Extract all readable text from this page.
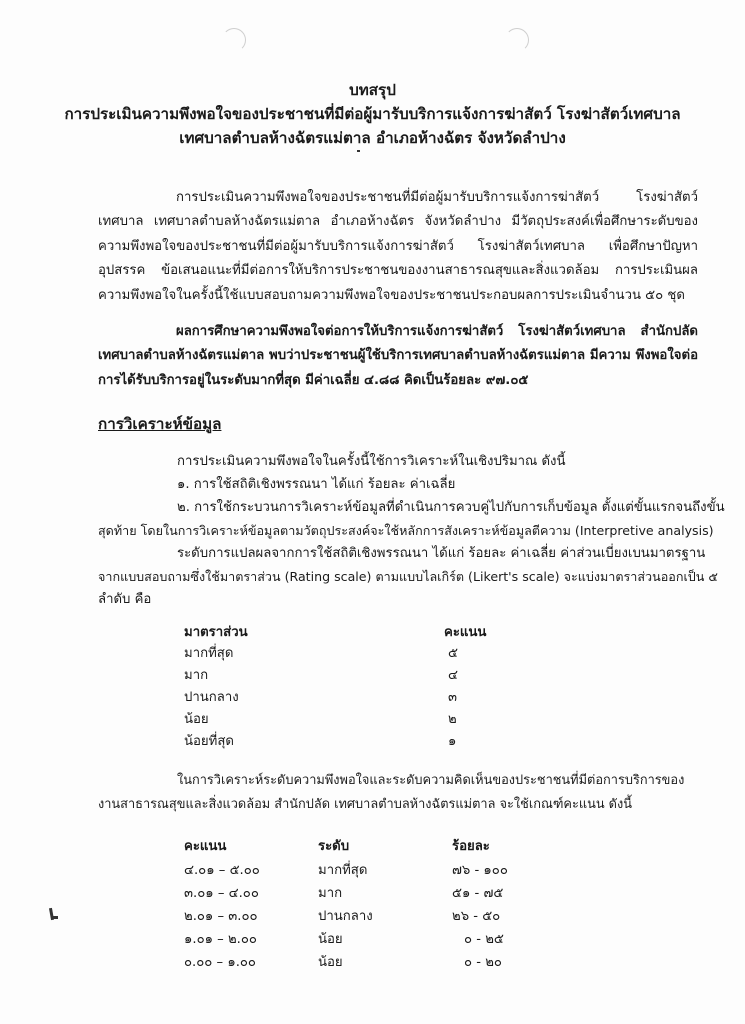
บทสรุป
การประเมินความพึงพอใจของประชาชนที่มีต่อผู้มารับบริการแจ้งการฆ่าสัตว์ โรงฆ่าสัตว์เทศบาล
เทศบาลตำบลห้างฉัตรแม่ตาล อำเภอห้างฉัตร จังหวัดลำปาง
การประเมินความพึงพอใจของประชาชนที่มีต่อผู้มารับบริการแจ้งการฆ่าสัตว์ โรงฆ่าสัตว์เทศบาล เทศบาลตำบลห้างฉัตรแม่ตาล อำเภอห้างฉัตร จังหวัดลำปาง มีวัตถุประสงค์เพื่อศึกษาระดับของความพึงพอใจของประชาชนที่มีต่อผู้มารับบริการแจ้งการฆ่าสัตว์ โรงฆ่าสัตว์เทศบาล เพื่อศึกษาปัญหา อุปสรรค ข้อเสนอแนะที่มีต่อการให้บริการประชาชนของงานสาธารณสุขและสิ่งแวดล้อม การประเมินผลความพึงพอใจในครั้งนี้ใช้แบบสอบถามความพึงพอใจของประชาชนประกอบผลการประเมินจำนวน ๕๐ ชุด
ผลการศึกษาความพึงพอใจต่อการให้บริการแจ้งการฆ่าสัตว์ โรงฆ่าสัตว์เทศบาล สำนักปลัดเทศบาลตำบลห้างฉัตรแม่ตาล พบว่าประชาชนผู้ใช้บริการเทศบาลตำบลห้างฉัตรแม่ตาล มีความ พึงพอใจต่อการได้รับบริการอยู่ในระดับมากที่สุด มีค่าเฉลี่ย ๔.๘๘ คิดเป็นร้อยละ ๙๗.๐๕
การวิเคราะห์ข้อมูล
การประเมินความพึงพอใจในครั้งนี้ใช้การวิเคราะห์ในเชิงปริมาณ ดังนี้
๑. การใช้สถิติเชิงพรรณนา ได้แก่ ร้อยละ ค่าเฉลี่ย
๒. การใช้กระบวนการวิเคราะห์ข้อมูลที่ดำเนินการควบคู่ไปกับการเก็บข้อมูล ตั้งแต่ขั้นแรกจนถึงขั้น
สุดท้าย โดยในการวิเคราะห์ข้อมูลตามวัตถุประสงค์จะใช้หลักการสังเคราะห์ข้อมูลตีความ (Interpretive analysis)
ระดับการแปลผลจากการใช้สถิติเชิงพรรณนา ได้แก่ ร้อยละ ค่าเฉลี่ย ค่าส่วนเบี่ยงเบนมาตรฐาน
จากแบบสอบถามซึ่งใช้มาตราส่วน (Rating scale) ตามแบบไลเกิร์ต (Likert's scale) จะแบ่งมาตราส่วนออกเป็น ๕
ลำดับ คือ
มาตราส่วน	คะแนน
มากที่สุด	๕
มาก	๔
ปานกลาง	๓
น้อย	๒
น้อยที่สุด	๑
ในการวิเคราะห์ระดับความพึงพอใจและระดับความคิดเห็นของประชาชนที่มีต่อการบริการของ
งานสาธารณสุขและสิ่งแวดล้อม สำนักปลัด เทศบาลตำบลห้างฉัตรแม่ตาล จะใช้เกณฑ์คะแนน ดังนี้
คะแนน	ระดับ	ร้อยละ
๔.๐๑ – ๕.๐๐	มากที่สุด	๗๖ - ๑๐๐
๓.๐๑ – ๔.๐๐	มาก	๕๑ - ๗๕
๒.๐๑ – ๓.๐๐	ปานกลาง	๒๖ - ๕๐
๑.๐๑ – ๒.๐๐	น้อย	๐ - ๒๕
๐.๐๐ – ๑.๐๐	น้อย	๐ - ๒๐
